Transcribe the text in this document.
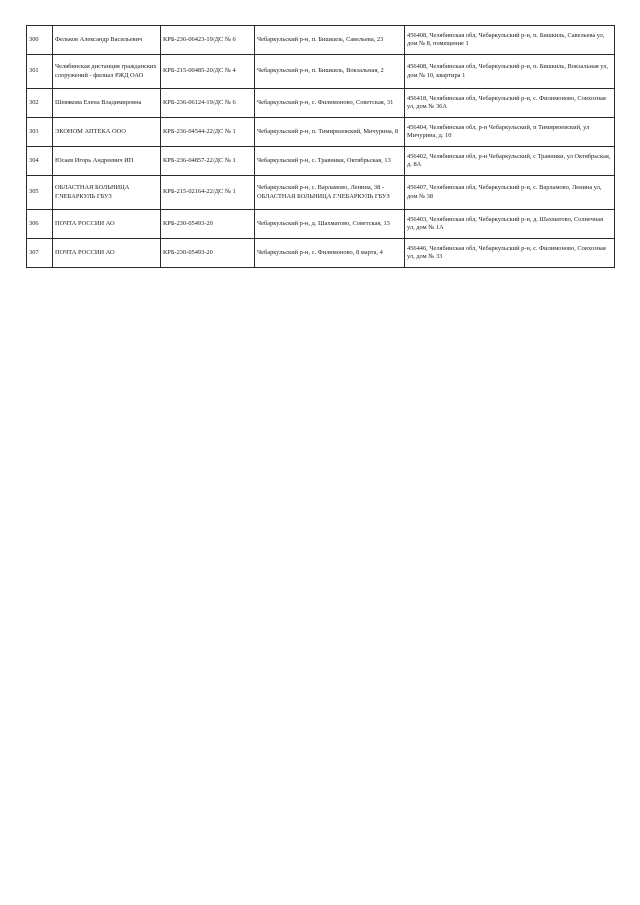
300	Фельков Александр Васильевич	КРБ-236-06423-19/ДС № 6	Чебаркульский р-н, п. Бишкиль, Савельева, 23	456408, Челябинская обл, Чебаркульский р-н, п. Бишкиль, Савельева ул, дом № 8, помещение 1
301	Челябинская дистанция гражданских сооружений - филиал РЖД ОАО	КРБ-215-00485-20/ДС № 4	Чебаркульский р-н, п. Бишкиль, Вокзальная, 2	456408, Челябинская обл, Чебаркульский р-н, п. Бишкиль, Вокзальная ул, дом № 10, квартира 1
302	Шевякова Елена Владимировна	КРБ-236-06124-19/ДС № 6	Чебаркульский р-н, с. Филимоново, Советская, 31	456418, Челябинская обл, Чебаркульский р-н, с. Филимоново, Совхозная ул, дом № 36А
303	ЭКОНОМ АПТЕКА ООО	КРБ-236-04544-22/ДС № 1	Чебаркульский р-н, п. Тимирязевский, Мичурина, 8	456404, Челябинская обл, р-н Чебаркульский, п Тимирязевский, ул Мичурина, д. 10
304	Юсаев Игорь Андреевич ИП	КРБ-236-04857-22/ДС № 1	Чебаркульский р-н, с. Травники, Октябрьская, 13	456402, Челябинская обл, р-н Чебаркульский, с Травники, ул Октябрьская, д. 8А
305	ОБЛАСТНАЯ БОЛЬНИЦА Г.ЧЕБАРКУЛЬ ГБУЗ	КРБ-215-02164-22/ДС № 1	Чебаркульский р-н, с. Варламово, Ленина, 38 - ОБЛАСТНАЯ БОЛЬНИЦА Г.ЧЕБАРКУЛЬ ГБУЗ	456407, Челябинская обл, Чебаркульский р-н, с. Варламово, Ленина ул, дом № 38
306	ПОЧТА РОССИИ АО	КРБ-230-05493-20	Чебаркульский р-н, д. Шахматово, Советская, 13	456403, Челябинская обл, Чебаркульский р-н, д. Шахматово, Солнечная ул, дом № 1А
307	ПОЧТА РОССИИ АО	КРБ-230-05493-20	Чебаркульский р-н, с. Филимоново, 8 марта, 4	456446, Челябинская обл, Чебаркульский р-н, с. Филимоново, Совхозная ул, дом № 33
